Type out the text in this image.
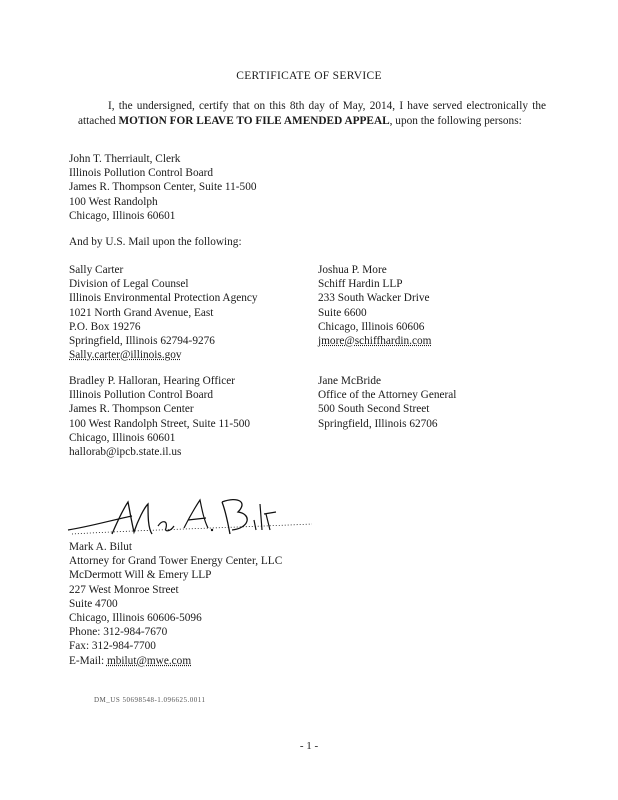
CERTIFICATE OF SERVICE
I, the undersigned, certify that on this 8th day of May, 2014, I have served electronically the attached MOTION FOR LEAVE TO FILE AMENDED APPEAL, upon the following persons:
John T. Therriault, Clerk
Illinois Pollution Control Board
James R. Thompson Center, Suite 11-500
100 West Randolph
Chicago, Illinois 60601
And by U.S. Mail upon the following:
Sally Carter
Division of Legal Counsel
Illinois Environmental Protection Agency
1021 North Grand Avenue, East
P.O. Box 19276
Springfield, Illinois 62794-9276
Sally.carter@illinois.gov
Joshua P. More
Schiff Hardin LLP
233 South Wacker Drive
Suite 6600
Chicago, Illinois 60606
jmore@schiffhardin.com
Bradley P. Halloran, Hearing Officer
Illinois Pollution Control Board
James R. Thompson Center
100 West Randolph Street, Suite 11-500
Chicago, Illinois 60601
hallorab@ipcb.state.il.us
Jane McBride
Office of the Attorney General
500 South Second Street
Springfield, Illinois 62706
Mark A. Bilut
Attorney for Grand Tower Energy Center, LLC
McDermott Will & Emery LLP
227 West Monroe Street
Suite 4700
Chicago, Illinois 60606-5096
Phone: 312-984-7670
Fax: 312-984-7700
E-Mail: mbilut@mwe.com
DM_US 50698548-1.096625.0011
- 1 -
